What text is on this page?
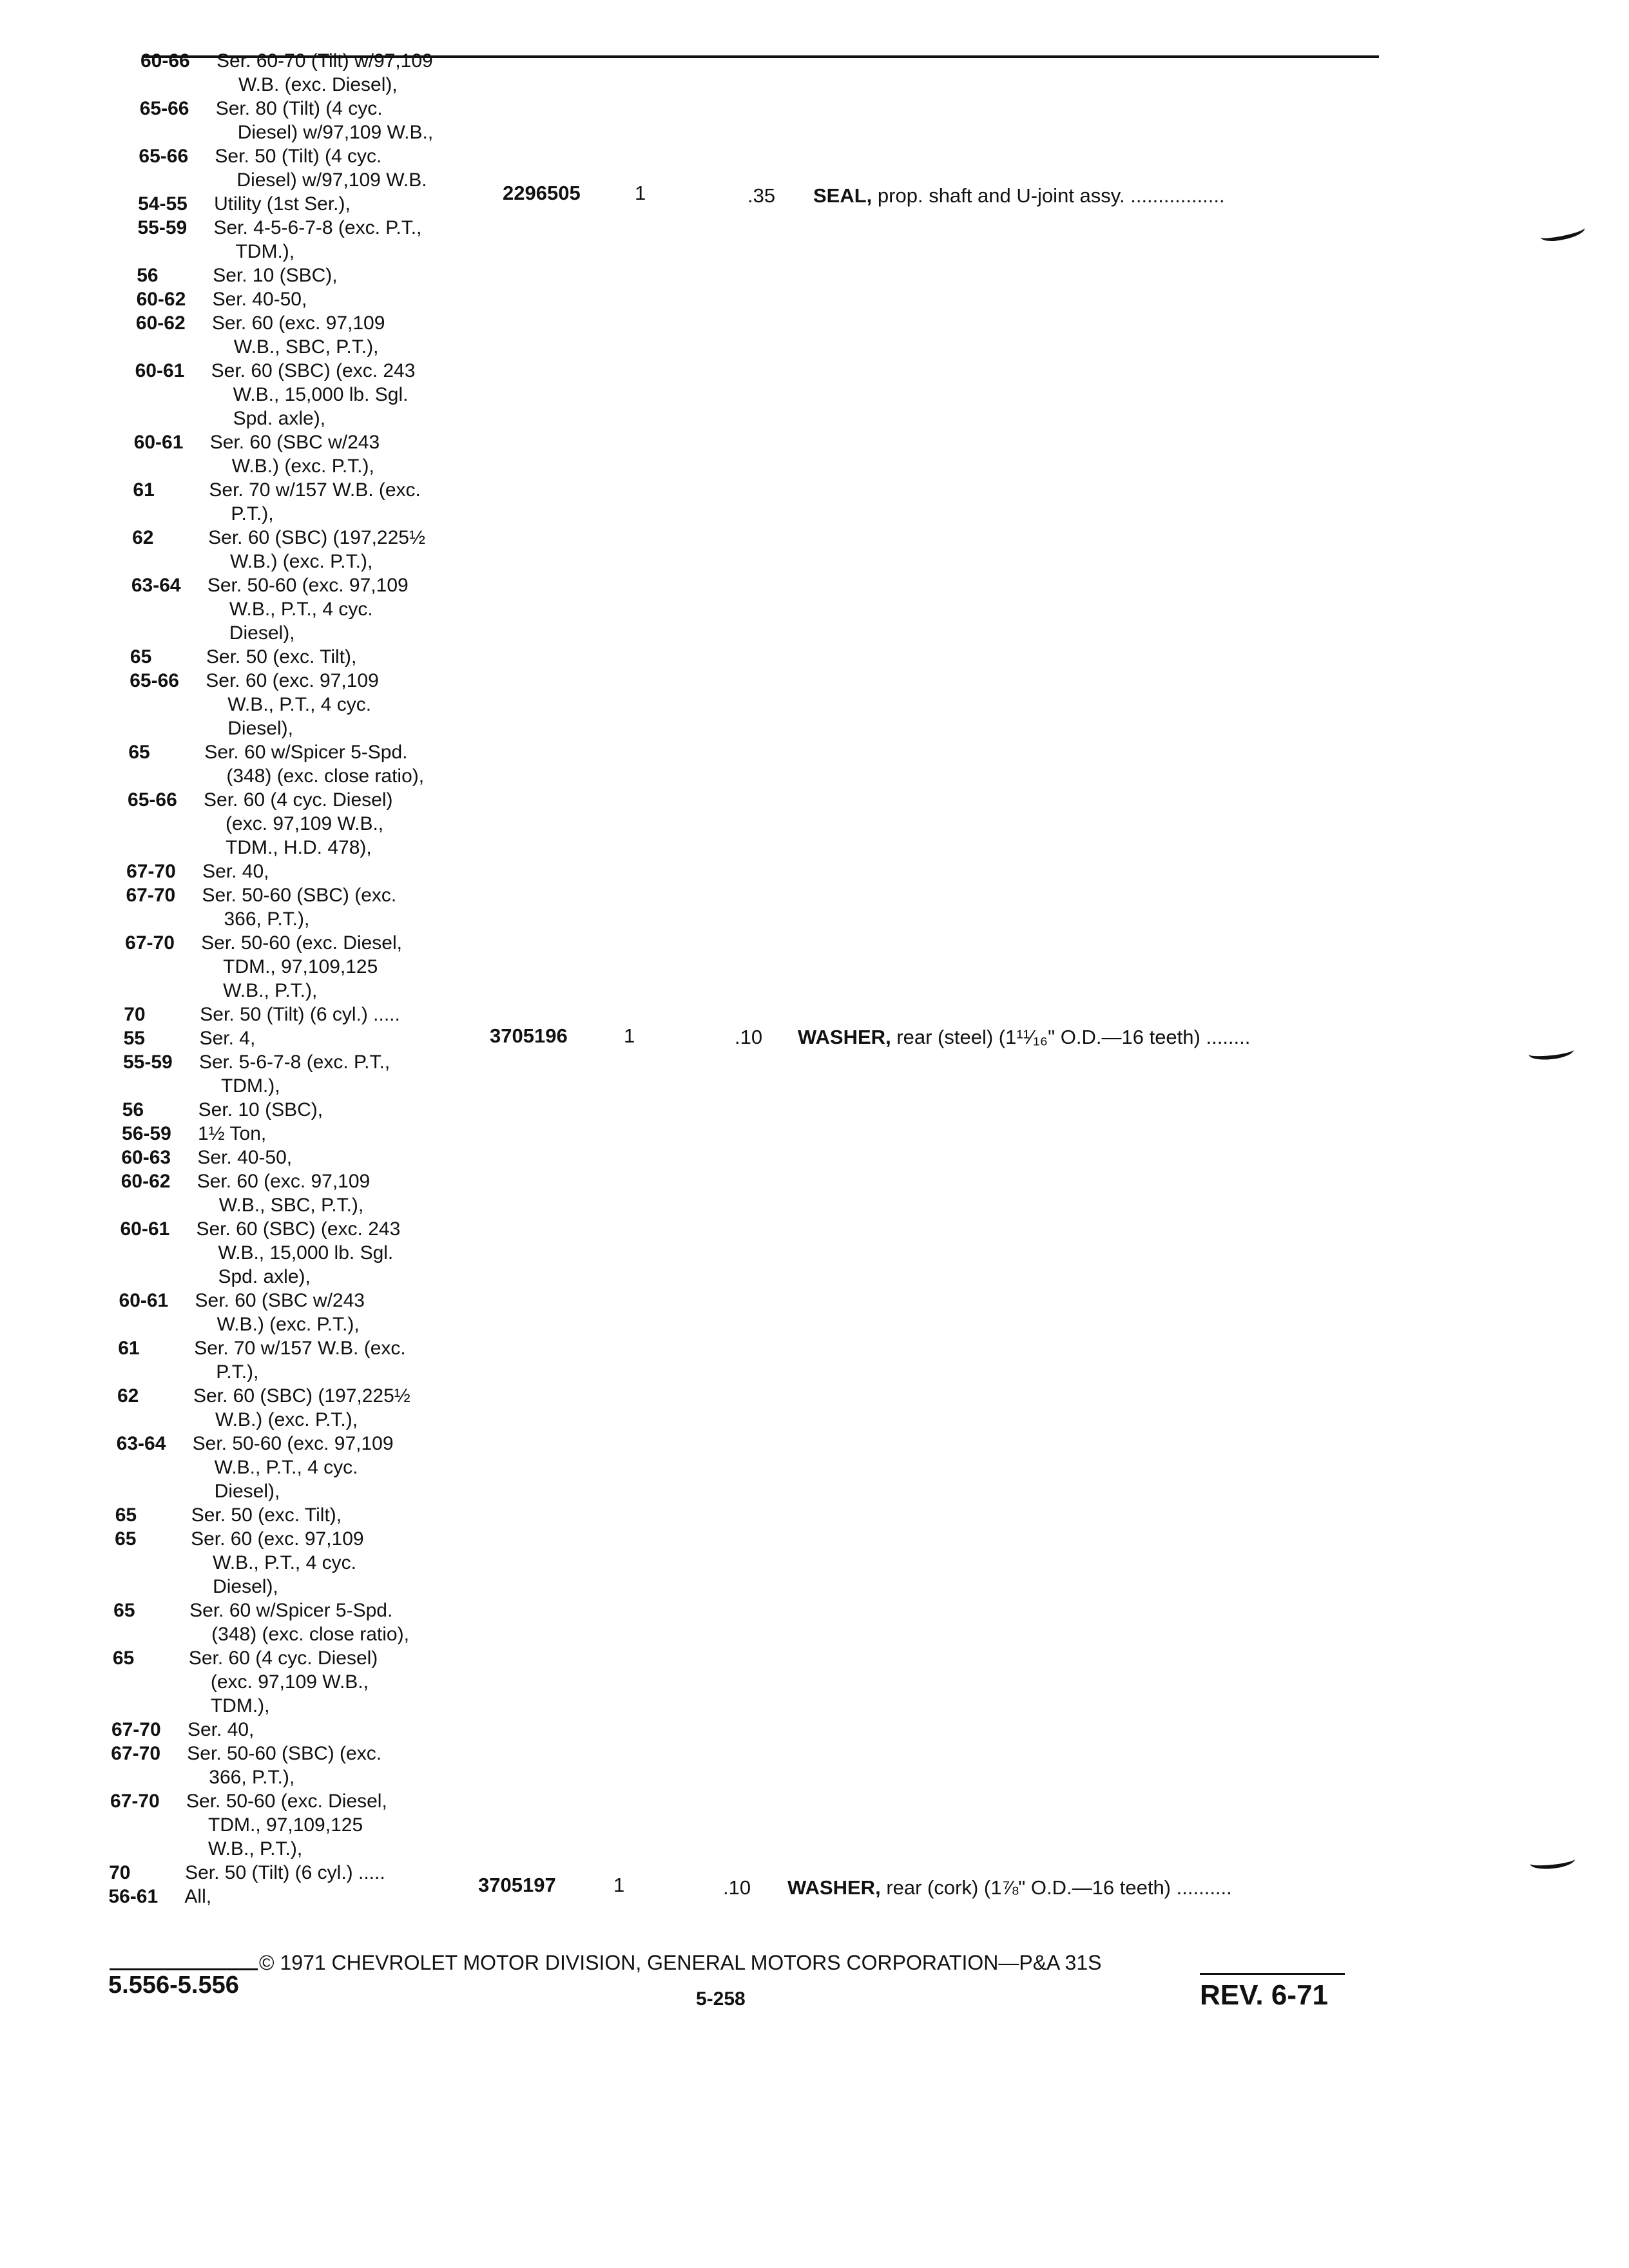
60-66 Ser. 60-70 (Tilt) w/97,109
W.B. (exc. Diesel),
65-66 Ser. 80 (Tilt) (4 cyc.
Diesel) w/97,109 W.B.,
65-66 Ser. 50 (Tilt) (4 cyc.
Diesel) w/97,109 W.B.
54-55 Utility (1st Ser.),
55-59 Ser. 4-5-6-7-8 (exc. P.T.,
TDM.),
56	Ser. 10 (SBC),
60-62 Ser. 40-50,
60-62 Ser. 60 (exc. 97,109
W.B., SBC, P.T.),
60-61 Ser. 60 (SBC) (exc. 243
W.B., 15,000 lb. Sgl.
Spd. axle),
60-61 Ser. 60 (SBC w/243
W.B.) (exc. P.T.),
61	Ser. 70 w/157 W.B. (exc.
P.T.),
62	Ser. 60 (SBC) (197,225½
W.B.) (exc. P.T.),
63-64 Ser. 50-60 (exc. 97,109
W.B., P.T., 4 cyc.
Diesel),
65	Ser. 50 (exc. Tilt),
65-66 Ser. 60 (exc. 97,109
W.B., P.T., 4 cyc.
Diesel),
65	Ser. 60 w/Spicer 5-Spd.
(348) (exc. close ratio),
65-66 Ser. 60 (4 cyc. Diesel)
(exc. 97,109 W.B.,
TDM., H.D. 478),
67-70 Ser. 40,
67-70 Ser. 50-60 (SBC) (exc.
366, P.T.),
67-70 Ser. 50-60 (exc. Diesel,
TDM., 97,109,125
W.B., P.T.),
70	Ser. 50 (Tilt) (6 cyl.) .....
55	Ser. 4,
55-59 Ser. 5-6-7-8 (exc. P.T.,
TDM.),
56	Ser. 10 (SBC),
56-59 1½ Ton,
60-63 Ser. 40-50,
60-62 Ser. 60 (exc. 97,109
W.B., SBC, P.T.),
60-61 Ser. 60 (SBC) (exc. 243
W.B., 15,000 lb. Sgl.
Spd. axle),
60-61 Ser. 60 (SBC w/243
W.B.) (exc. P.T.),
61	Ser. 70 w/157 W.B. (exc.
P.T.),
62	Ser. 60 (SBC) (197,225½
W.B.) (exc. P.T.),
63-64 Ser. 50-60 (exc. 97,109
W.B., P.T., 4 cyc.
Diesel),
65	Ser. 50 (exc. Tilt),
65	Ser. 60 (exc. 97,109
W.B., P.T., 4 cyc.
Diesel),
65	Ser. 60 w/Spicer 5-Spd.
(348) (exc. close ratio),
65	Ser. 60 (4 cyc. Diesel)
(exc. 97,109 W.B.,
TDM.),
67-70 Ser. 40,
67-70 Ser. 50-60 (SBC) (exc.
366, P.T.),
67-70 Ser. 50-60 (exc. Diesel,
TDM., 97,109,125
W.B., P.T.),
70	Ser. 50 (Tilt) (6 cyl.) .....
56-61 All,
2296505	1	.35 SEAL, prop. shaft and U-joint assy. .................
3705196	1	.10 WASHER, rear (steel) (1¹¹⁄₁₆" O.D.—16 teeth) ........
3705197	1	.10 WASHER, rear (cork) (1⅞" O.D.—16 teeth) ..........
© 1971 CHEVROLET MOTOR DIVISION, GENERAL MOTORS CORPORATION—P&A 31S
5.556-5.556
5-258	REV. 6-71
